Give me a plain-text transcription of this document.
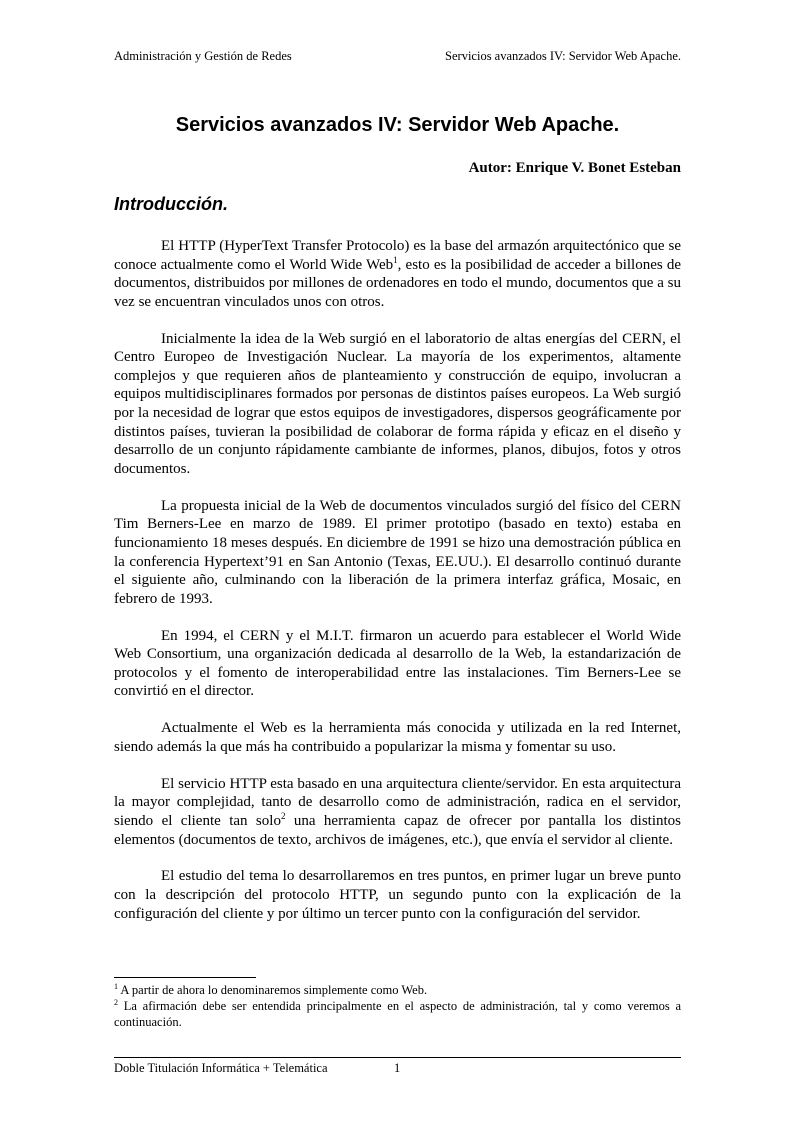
Administración y Gestión de Redes	Servicios avanzados IV: Servidor Web Apache.
Servicios avanzados IV: Servidor Web Apache.
Autor: Enrique V. Bonet Esteban
Introducción.

El HTTP (HyperText Transfer Protocolo) es la base del armazón arquitectónico que se conoce actualmente como el World Wide Web$^1$, esto es la posibilidad de acceder a billones de documentos, distribuidos por millones de ordenadores en todo el mundo, documentos que a su vez se encuentran vinculados unos con otros.

Inicialmente la idea de la Web surgió en el laboratorio de altas energías del CERN, el Centro Europeo de Investigación Nuclear. La mayoría de los experimentos, altamente complejos y que requieren años de planteamiento y construcción de equipo, involucran a equipos multidisciplinares formados por personas de distintos países europeos. La Web surgió por la necesidad de lograr que estos equipos de investigadores, dispersos geográficamente por distintos países, tuvieran la posibilidad de colaborar de forma rápida y eficaz en el diseño y desarrollo de un conjunto rápidamente cambiante de informes, planos, dibujos, fotos y otros documentos.

La propuesta inicial de la Web de documentos vinculados surgió del físico del CERN Tim Berners-Lee en marzo de 1989. El primer prototipo (basado en texto) estaba en funcionamiento 18 meses después. En diciembre de 1991 se hizo una demostración pública en la conferencia Hypertext’91 en San Antonio (Texas, EE.UU.). El desarrollo continuó durante el siguiente año, culminando con la liberación de la primera interfaz gráfica, Mosaic, en febrero de 1993.

En 1994, el CERN y el M.I.T. firmaron un acuerdo para establecer el World Wide Web Consortium, una organización dedicada al desarrollo de la Web, la estandarización de protocolos y el fomento de interoperabilidad entre las instalaciones. Tim Berners-Lee se convirtió en el director.

Actualmente el Web es la herramienta más conocida y utilizada en la red Internet, siendo además la que más ha contribuido a popularizar la misma y fomentar su uso.

El servicio HTTP esta basado en una arquitectura cliente/servidor. En esta arquitectura la mayor complejidad, tanto de desarrollo como de administración, radica en el servidor, siendo el cliente tan solo$^2$ una herramienta capaz de ofrecer por pantalla los distintos elementos (documentos de texto, archivos de imágenes, etc.), que envía el servidor al cliente.

El estudio del tema lo desarrollaremos en tres puntos, en primer lugar un breve punto con la descripción del protocolo HTTP, un segundo punto con la explicación de la configuración del cliente y por último un tercer punto con la configuración del servidor.

$^1$ A partir de ahora lo denominaremos simplemente como Web.

$^2$ La afirmación debe ser entendida principalmente en el aspecto de administración, tal y como veremos a continuación.

Doble Titulación Informática + Telemática	1
